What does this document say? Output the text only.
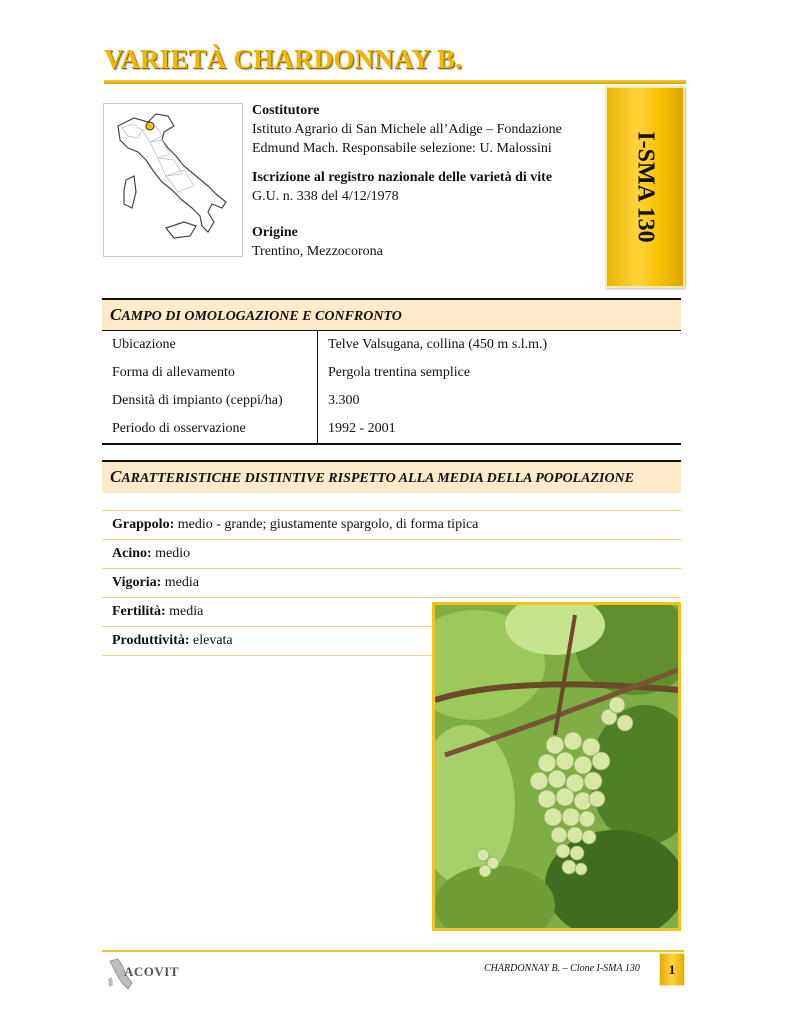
VARIETÀ CHARDONNAY B.
Costitutore
Istituto Agrario di San Michele all’Adige – Fondazione Edmund Mach. Responsabile selezione: U. Malossini
Iscrizione al registro nazionale delle varietà di vite
G.U. n. 338 del 4/12/1978
Origine
Trentino, Mezzocorona
I-SMA 130
CAMPO DI OMOLOGAZIONE E CONFRONTO
Ubicazione	Telve Valsugana, collina (450 m s.l.m.)
Forma di allevamento	Pergola trentina semplice
Densità di impianto (ceppi/ha)	3.300
Periodo di osservazione	1992 - 2001
CARATTERISTICHE DISTINTIVE RISPETTO ALLA MEDIA DELLA POPOLAZIONE
Grappolo: medio - grande; giustamente spargolo, di forma tipica
Acino: medio
Vigoria: media
Fertilità: media
Produttività: elevata
ACOVIT	CHARDONNAY B. – Clone I-SMA 130	1
